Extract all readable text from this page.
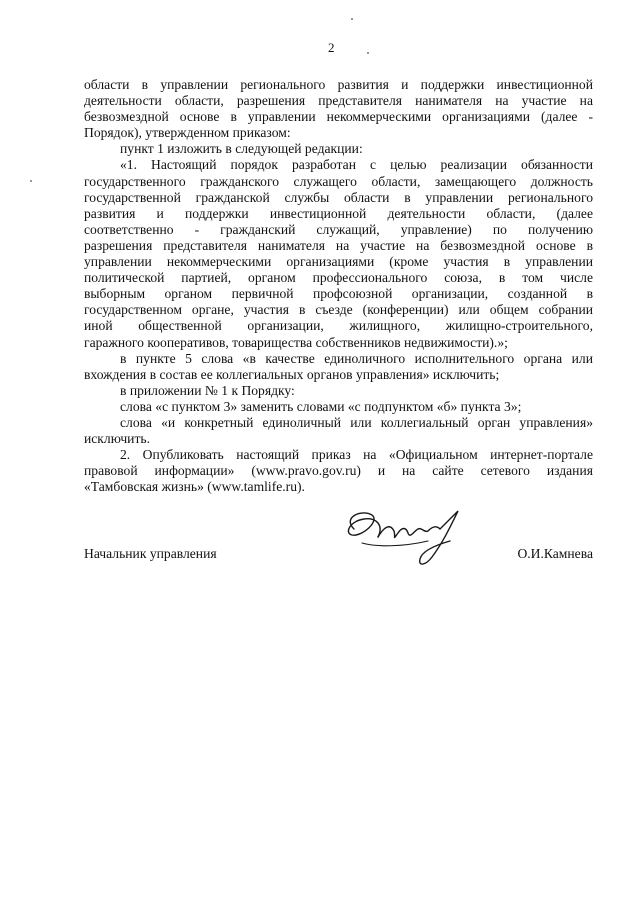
2
области в управлении регионального развития и поддержки инвестиционной
деятельности области, разрешения представителя нанимателя на участие на
безвозмездной основе в управлении некоммерческими организациями (далее -
Порядок), утвержденном приказом:
пункт 1 изложить в следующей редакции:
«1. Настоящий порядок разработан с целью реализации обязанности
государственного гражданского служащего области, замещающего должность
государственной гражданской службы области в управлении регионального
развития и поддержки инвестиционной деятельности области, (далее
соответственно - гражданский служащий, управление) по получению
разрешения представителя нанимателя на участие на безвозмездной основе в
управлении некоммерческими организациями (кроме участия в управлении
политической партией, органом профессионального союза, в том числе
выборным органом первичной профсоюзной организации, созданной в
государственном органе, участия в съезде (конференции) или общем собрании
иной общественной организации, жилищного, жилищно-строительного,
гаражного кооперативов, товарищества собственников недвижимости).»;
в пункте 5 слова «в качестве единоличного исполнительного органа или
вхождения в состав ее коллегиальных органов управления» исключить;
в приложении № 1 к Порядку:
слова «с пунктом 3» заменить словами «с подпунктом «б» пункта 3»;
слова «и конкретный единоличный или коллегиальный орган управления»
исключить.
2. Опубликовать настоящий приказ на «Официальном интернет-портале
правовой информации» (www.pravo.gov.ru) и на сайте сетевого издания
«Тамбовская жизнь» (www.tamlife.ru).
Начальник управления	О.И.Камнева
